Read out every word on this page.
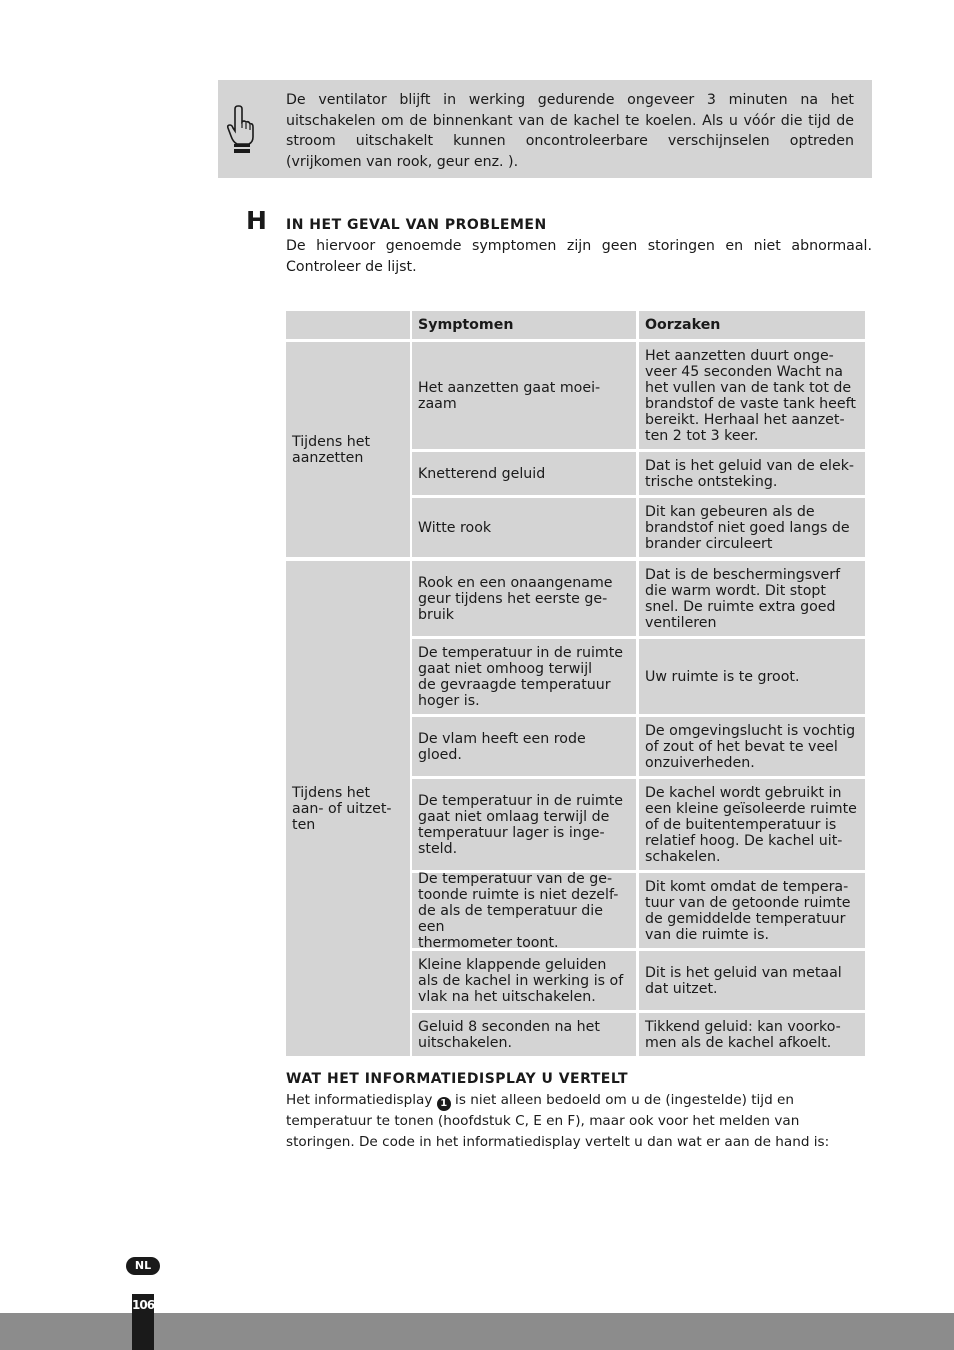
De ventilator blijft in werking gedurende ongeveer 3 minuten na het uitschakelen om de binnenkant van de kachel te koelen. Als u vóór die tijd de stroom uitschakelt kunnen oncontroleerbare verschijnselen optreden (vrijkomen van rook, geur enz. ).
H IN HET GEVAL VAN PROBLEMEN
De hiervoor genoemde symptomen zijn geen storingen en niet abnormaal. Controleer de lijst.
Symptomen	Oorzaken
Tijdens het
aanzetten
Het aanzetten gaat moei-
zaam
Het aanzetten duurt onge-
veer 45 seconden Wacht na
het vullen van de tank tot de
brandstof de vaste tank heeft
bereikt. Herhaal het aanzet-
ten 2 tot 3 keer.
Knetterend geluid	Dat is het geluid van de elek-
trische ontsteking.
Witte rook
Dit kan gebeuren als de
brandstof niet goed langs de
brander circuleert
Tijdens het
aan- of uitzet-
ten
Rook en een onaangename
geur tijdens het eerste ge-
bruik
Dat is de beschermingsverf
die warm wordt. Dit stopt
snel. De ruimte extra goed
ventileren
De temperatuur in de ruimte
gaat niet omhoog terwijl
de gevraagde temperatuur
hoger is.
Uw ruimte is te groot.
De vlam heeft een rode
gloed.
De omgevingslucht is vochtig
of zout of het bevat te veel
onzuiverheden.
De temperatuur in de ruimte
gaat niet omlaag terwijl de
temperatuur lager is inge-
steld.
De kachel wordt gebruikt in
een kleine geïsoleerde ruimte
of de buitentemperatuur is
relatief hoog. De kachel uit-
schakelen.
De temperatuur van de ge-
toonde ruimte is niet dezelf-
de als de temperatuur die een
thermometer toont.
Dit komt omdat de tempera-
tuur van de getoonde ruimte
de gemiddelde temperatuur
van die ruimte is.
Kleine klappende geluiden
als de kachel in werking is of
vlak na het uitschakelen.
Dit is het geluid van metaal
dat uitzet.
Geluid 8 seconden na het
uitschakelen.
Tikkend geluid: kan voorko-
men als de kachel afkoelt.
WAT HET INFORMATIEDISPLAY U VERTELT
Het informatiedisplay 1 is niet alleen bedoeld om u de (ingestelde) tijd en temperatuur te tonen (hoofdstuk C, E en F), maar ook voor het melden van storingen. De code in het informatiedisplay vertelt u dan wat er aan de hand is:
NL
106
